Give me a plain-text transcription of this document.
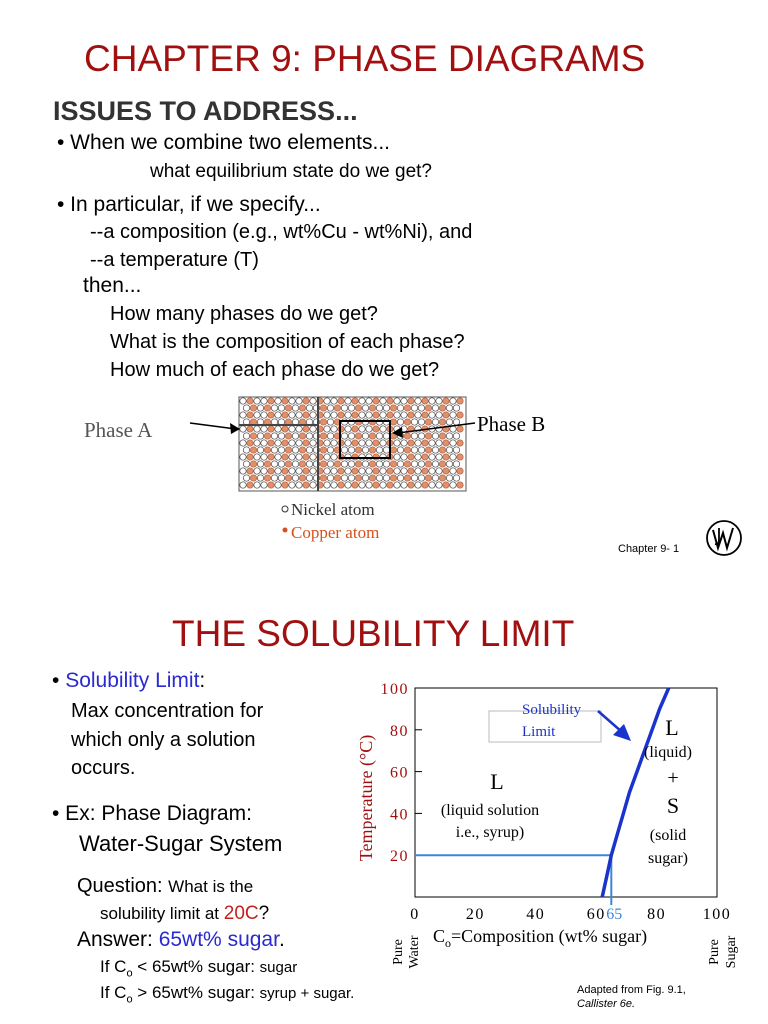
CHAPTER 9: PHASE DIAGRAMS
ISSUES TO ADDRESS...
• When we combine two elements...
what equilibrium state do we get?
• In particular, if we specify...
--a composition (e.g., wt%Cu - wt%Ni), and
--a temperature (T)
then...
How many phases do we get?
What is the composition of each phase?
How much of each phase do we get?
Phase A	Phase B
Nickel atom
Copper atom
Chapter 9- 1
THE SOLUBILITY LIMIT
• Solubility Limit:
Max concentration for
which only a solution
occurs.
• Ex: Phase Diagram:
Water-Sugar System
Question: What is the
solubility limit at 20C?
Answer: 65wt% sugar.
If $C_o < 65wt\%$ sugar: sugar
If $C_o > 65wt\%$ sugar: syrup + sugar.	Adapted from Fig. 9.1,
Callister 6e.
20
40
60
80
100
0	20	40	60	80 100
65
Solubility
Limit
L
(liquid solution
i.e., syrup)
L
(liquid)
+
S
(solid
sugar)
Temperature (°C)
$C_o=Composition$ (wt% sugar)
Pure Water	Pure Sugar
